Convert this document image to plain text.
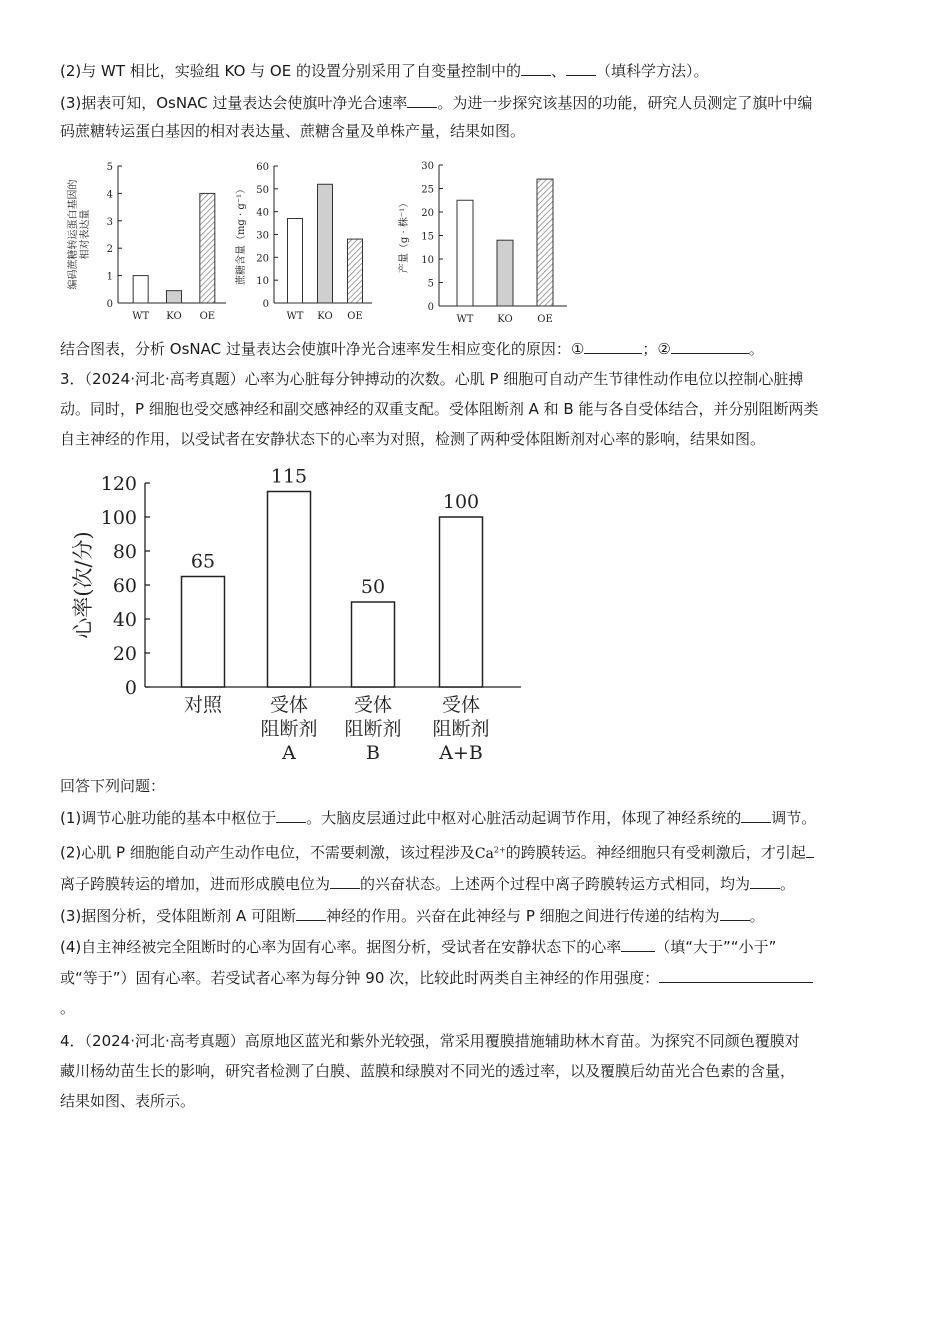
(2)与 WT 相比，实验组 KO 与 OE 的设置分别采用了自变量控制中的 、 （填科学方法）。
(3)据表可知，OsNAC 过量表达会使旗叶净光合速率 。为进一步探究该基因的功能，研究人员测定了旗叶中编
码蔗糖转运蛋白基因的相对表达量、蔗糖含量及单株产量，结果如图。
0
1
2
3
4
5
WT KO OE
编码蔗糖转运蛋白基因的相对表达量
0
10
20
30
40
50
60
WT KO OE
蔗糖含量（mg · g⁻¹）
0
5
10
15
20
25
30
WT KO OE
产量（g · 株⁻¹）
结合图表，分析 OsNAC 过量表达会使旗叶净光合速率发生相应变化的原因：①	；②	。
3．（2024·河北·高考真题）心率为心脏每分钟搏动的次数。心肌 P 细胞可自动产生节律性动作电位以控制心脏搏
动。同时，P 细胞也受交感神经和副交感神经的双重支配。受体阻断剂 A 和 B 能与各自受体结合，并分别阻断两类
自主神经的作用，以受试者在安静状态下的心率为对照，检测了两种受体阻断剂对心率的影响，结果如图。
0
20
40
60
80
100
120
65
对照
115
受体
阻断剂
A
50
受体
阻断剂
B
100
受体
阻断剂
A+B
心率(次/分)
回答下列问题：
(1)调节心脏功能的基本中枢位于 。大脑皮层通过此中枢对心脏活动起调节作用，体现了神经系统的 调节。
(2)心肌 P 细胞能自动产生动作电位，不需要刺激，该过程涉及$Ca^{2+}$的跨膜转运。神经细胞只有受刺激后，才引起
离子跨膜转运的增加，进而形成膜电位为 的兴奋状态。上述两个过程中离子跨膜转运方式相同，均为 。
(3)据图分析，受体阻断剂 A 可阻断 神经的作用。兴奋在此神经与 P 细胞之间进行传递的结构为 。
(4)自主神经被完全阻断时的心率为固有心率。据图分析，受试者在安静状态下的心率 （填“大于”“小于”
或“等于”）固有心率。若受试者心率为每分钟 90 次，比较此时两类自主神经的作用强度：
。
4．（2024·河北·高考真题）高原地区蓝光和紫外光较强，常采用覆膜措施辅助林木育苗。为探究不同颜色覆膜对
藏川杨幼苗生长的影响，研究者检测了白膜、蓝膜和绿膜对不同光的透过率，以及覆膜后幼苗光合色素的含量，
结果如图、表所示。
